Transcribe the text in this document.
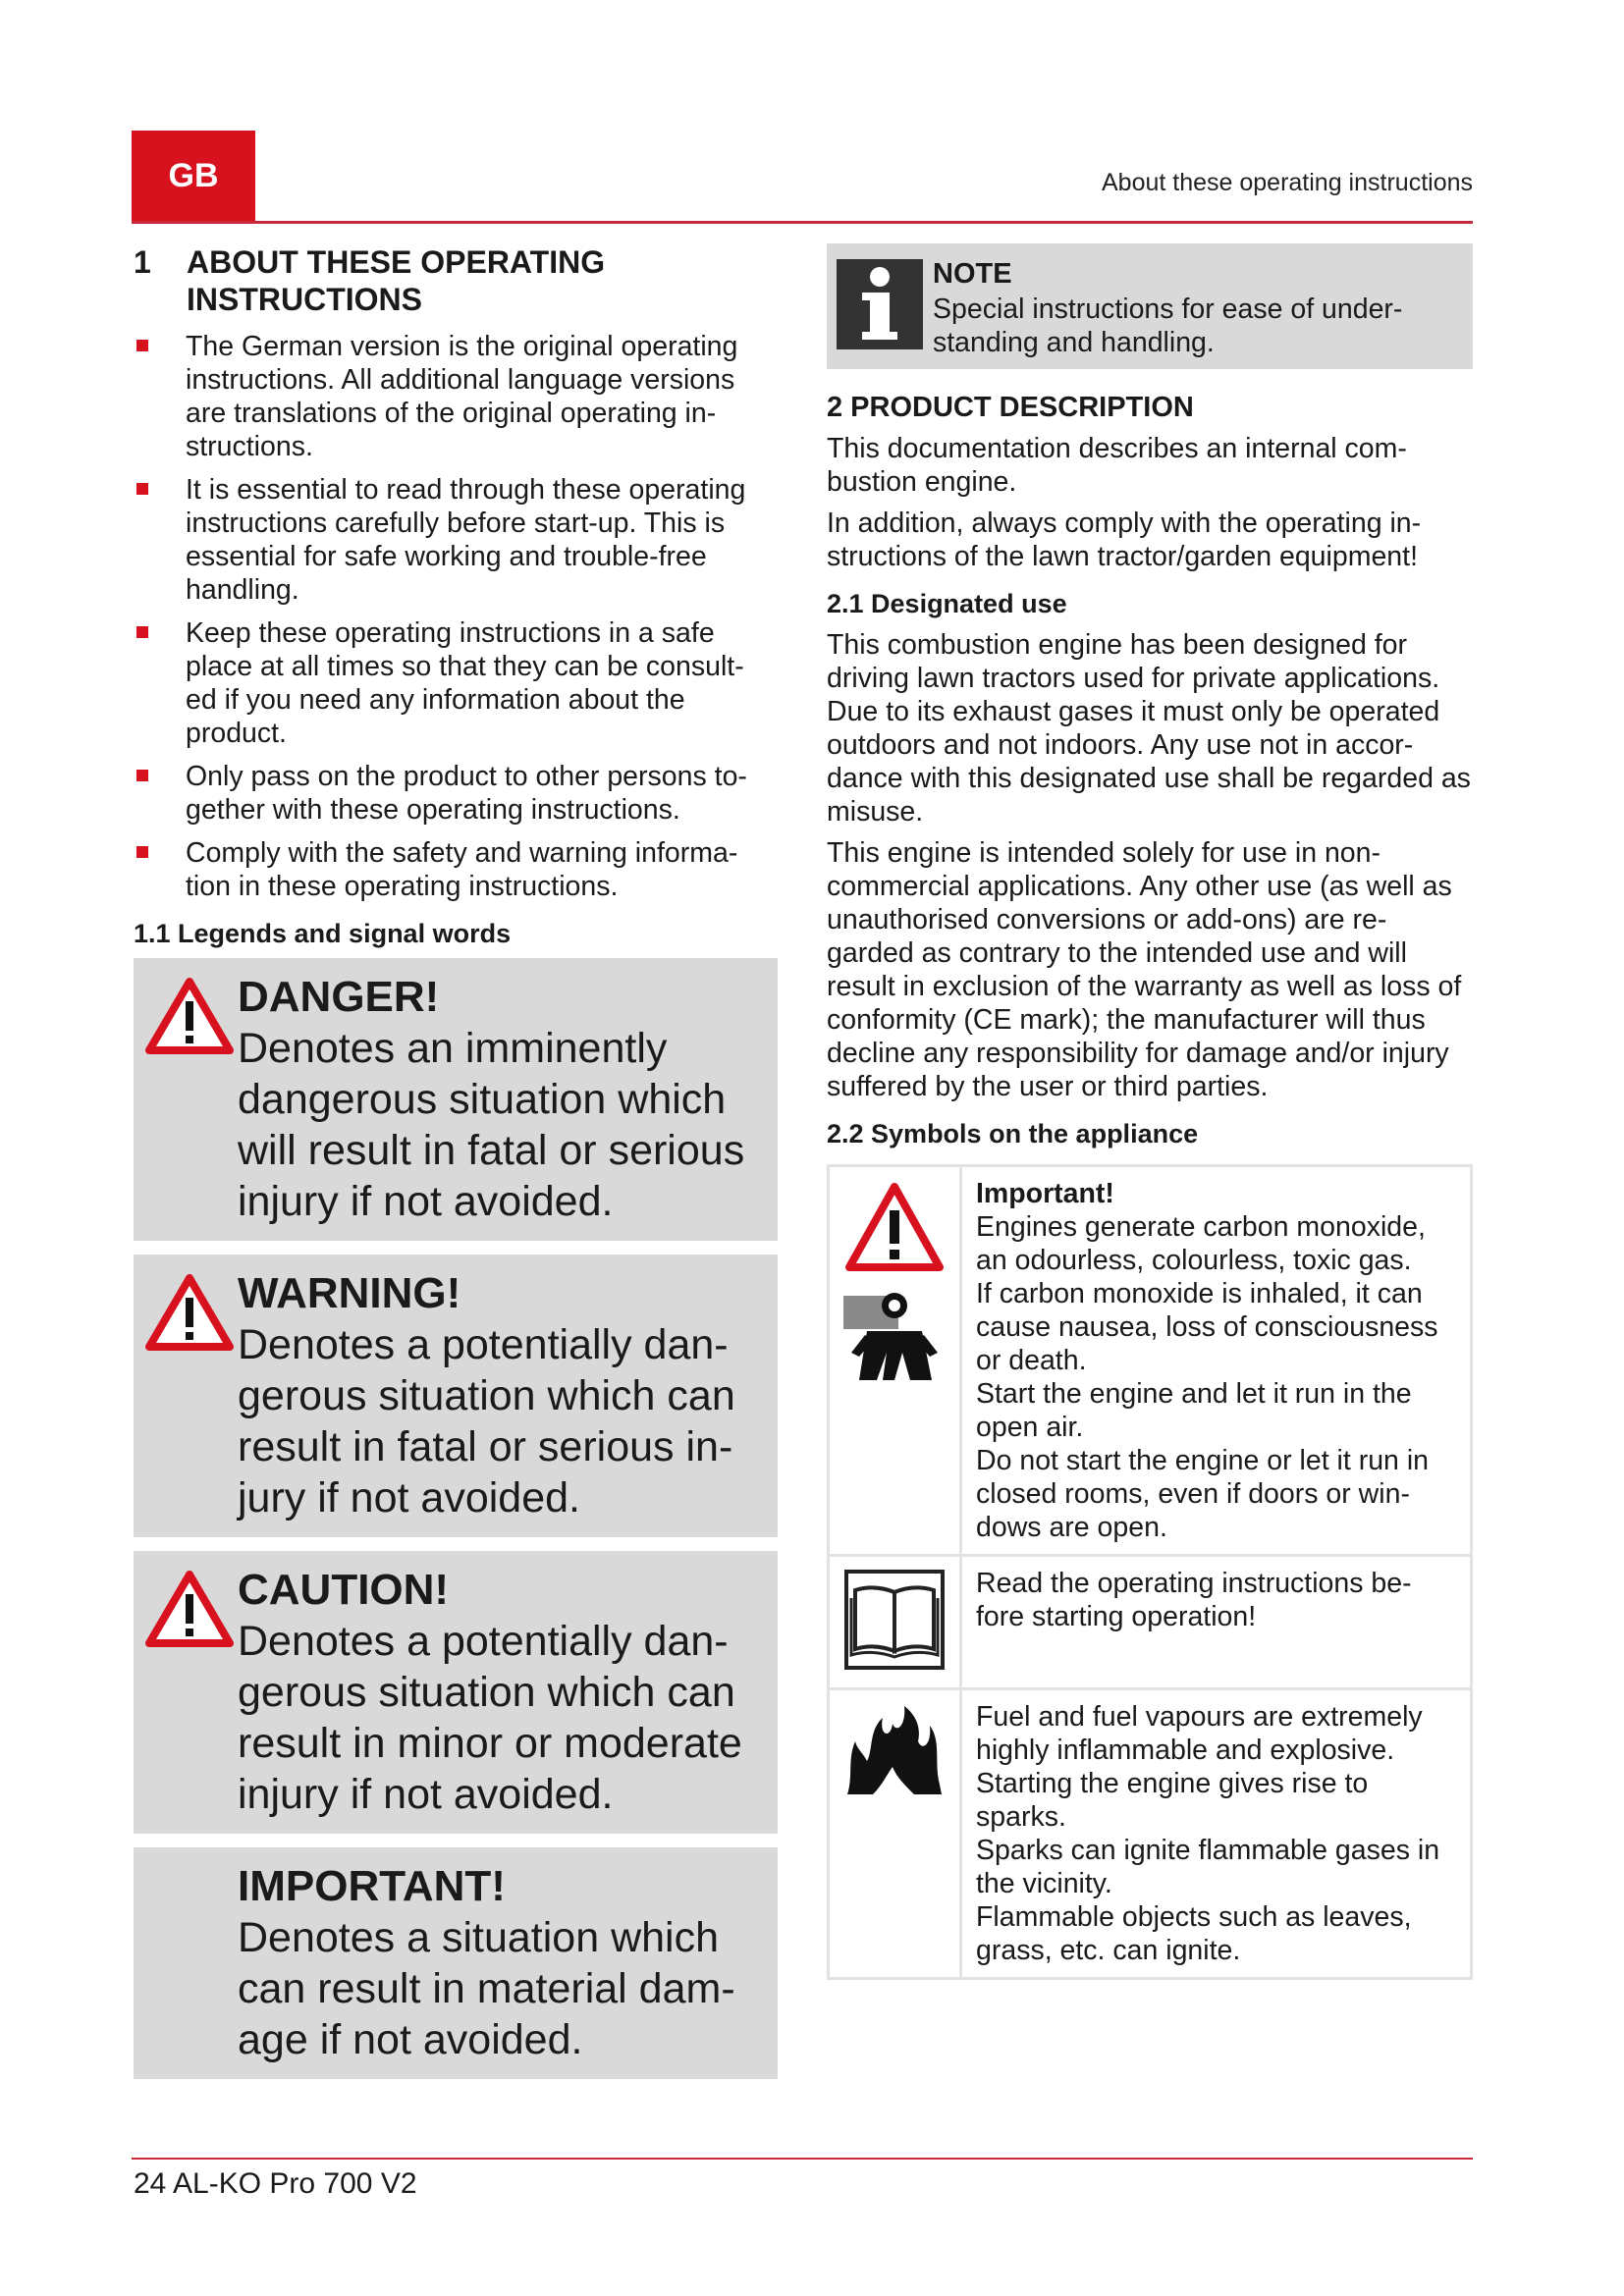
GB	About these operating instructions
1 ABOUT THESE OPERATING
INSTRUCTIONS
The German version is the original operating instructions. All additional language versions are translations of the original operating in- structions.
It is essential to read through these operating instructions carefully before start-up. This is essential for safe working and trouble-free handling.
Keep these operating instructions in a safe place at all times so that they can be consult- ed if you need any information about the product.
Only pass on the product to other persons to- gether with these operating instructions.
Comply with the safety and warning informa- tion in these operating instructions.
1.1 Legends and signal words
DANGER!
Denotes an imminently dangerous situation which will result in fatal or serious injury if not avoided.
WARNING!
Denotes a potentially dan- gerous situation which can result in fatal or serious in- jury if not avoided.
CAUTION!
Denotes a potentially dan- gerous situation which can result in minor or moderate injury if not avoided.
IMPORTANT!
Denotes a situation which can result in material dam- age if not avoided.
NOTE
Special instructions for ease of under- standing and handling.
2 PRODUCT DESCRIPTION

This documentation describes an internal com- bustion engine.

In addition, always comply with the operating in- structions of the lawn tractor/garden equipment!

2.1 Designated use

This combustion engine has been designed for driving lawn tractors used for private applications. Due to its exhaust gases it must only be operated outdoors and not indoors. Any use not in accor- dance with this designated use shall be regarded as misuse.

This engine is intended solely for use in non- commercial applications. Any other use (as well as unauthorised conversions or add-ons) are re- garded as contrary to the intended use and will result in exclusion of the warranty as well as loss of conformity (CE mark); the manufacturer will thus decline any responsibility for damage and/or injury suffered by the user or third parties.

2.2 Symbols on the appliance

Important!
Engines generate carbon monoxide, an odourless, colourless, toxic gas.
If carbon monoxide is inhaled, it can cause nausea, loss of consciousness or death.
Start the engine and let it run in the open air.
Do not start the engine or let it run in closed rooms, even if doors or win- dows are open.

Read the operating instructions be- fore starting operation!

Fuel and fuel vapours are extremely highly inflammable and explosive.
Starting the engine gives rise to sparks.
Sparks can ignite flammable gases in the vicinity.
Flammable objects such as leaves, grass, etc. can ignite.
24 AL-KO Pro 700 V2
